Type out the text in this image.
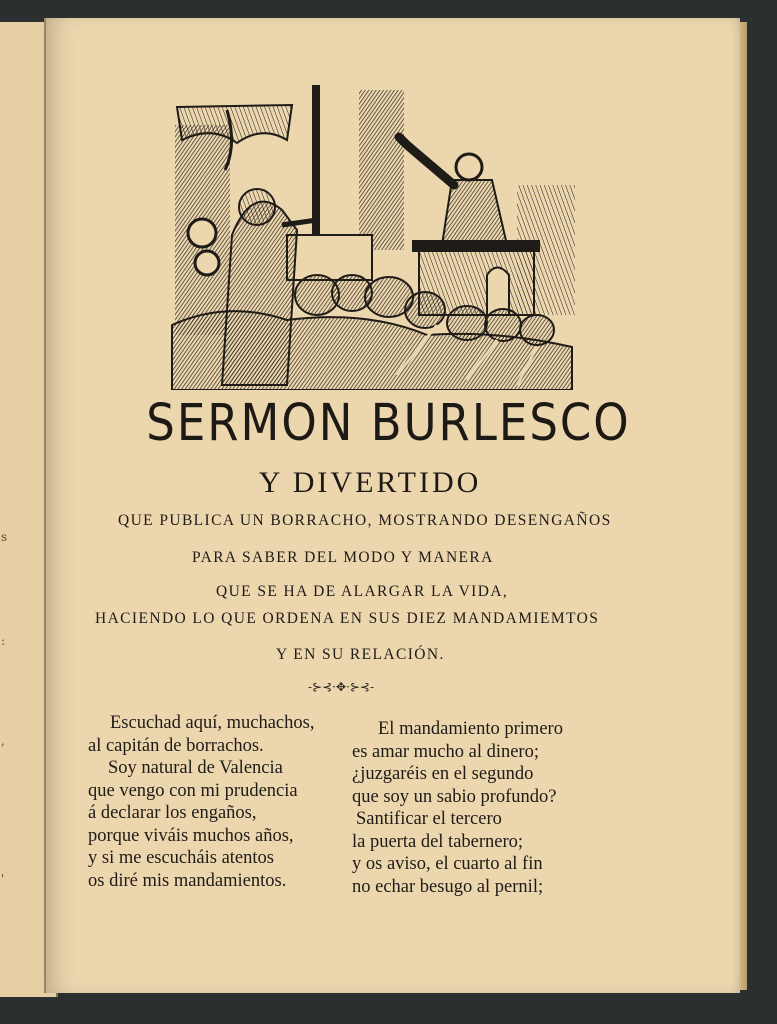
s
:
,
'
SERMON BURLESCO
Y DIVERTIDO
QUE PUBLICA UN BORRACHO, MOSTRANDO DESENGAÑOS
PARA SABER DEL MODO Y MANERA
QUE SE HA DE ALARGAR LA VIDA,
HACIENDO LO QUE ORDENA EN SUS DIEZ MANDAMIEMTOS
Y EN SU RELACIÓN.
-⊱⊰·✥·⊱⊰-
Escuchad aquí, muchachos,
al capitán de borrachos.
Soy natural de Valencia
que vengo con mi prudencia
á declarar los engaños,
porque viváis muchos años,
y si me escucháis atentos
os diré mis mandamientos.
El mandamiento primero
es amar mucho al dinero;
¿juzgaréis en el segundo
que soy un sabio profundo?
Santificar el tercero
la puerta del tabernero;
y os aviso, el cuarto al fin
no echar besugo al pernil;
